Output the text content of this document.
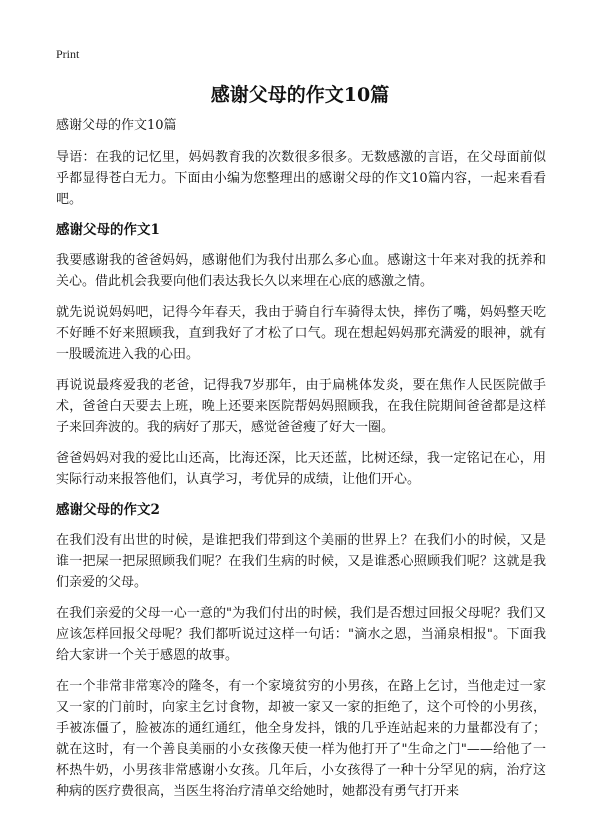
Print
感谢父母的作文10篇
感谢父母的作文10篇

导语：在我的记忆里，妈妈教育我的次数很多很多。无数感激的言语，在父母面前似乎都显得苍白无力。下面由小编为您整理出的感谢父母的作文10篇内容，一起来看看吧。

感谢父母的作文1

我要感谢我的爸爸妈妈，感谢他们为我付出那么多心血。感谢这十年来对我的抚养和关心。借此机会我要向他们表达我长久以来埋在心底的感激之情。

就先说说妈妈吧，记得今年春天，我由于骑自行车骑得太快，摔伤了嘴，妈妈整天吃不好睡不好来照顾我，直到我好了才松了口气。现在想起妈妈那充满爱的眼神，就有一股暖流进入我的心田。

再说说最疼爱我的老爸，记得我7岁那年，由于扁桃体发炎，要在焦作人民医院做手术，爸爸白天要去上班，晚上还要来医院帮妈妈照顾我，在我住院期间爸爸都是这样子来回奔波的。我的病好了那天，感觉爸爸瘦了好大一圈。

爸爸妈妈对我的爱比山还高，比海还深，比天还蓝，比树还绿，我一定铭记在心，用实际行动来报答他们，认真学习，考优异的成绩，让他们开心。

感谢父母的作文2

在我们没有出世的时候，是谁把我们带到这个美丽的世界上？在我们小的时候，又是谁一把屎一把尿照顾我们呢？在我们生病的时候，又是谁悉心照顾我们呢？这就是我们亲爱的父母。

在我们亲爱的父母一心一意的"为我们付出的时候，我们是否想过回报父母呢？我们又应该怎样回报父母呢？我们都听说过这样一句话："滴水之恩，当涌泉相报"。下面我给大家讲一个关于感恩的故事。

在一个非常非常寒冷的隆冬，有一个家境贫穷的小男孩，在路上乞讨，当他走过一家又一家的门前时，向家主乞讨食物，却被一家又一家的拒绝了，这个可怜的小男孩，手被冻僵了，脸被冻的通红通红，他全身发抖，饿的几乎连站起来的力量都没有了；就在这时，有一个善良美丽的小女孩像天使一样为他打开了"生命之门"——给他了一杯热牛奶，小男孩非常感谢小女孩。几年后，小女孩得了一种十分罕见的病，治疗这种病的医疗费很高，当医生将治疗清单交给她时，她都没有勇气打开来
